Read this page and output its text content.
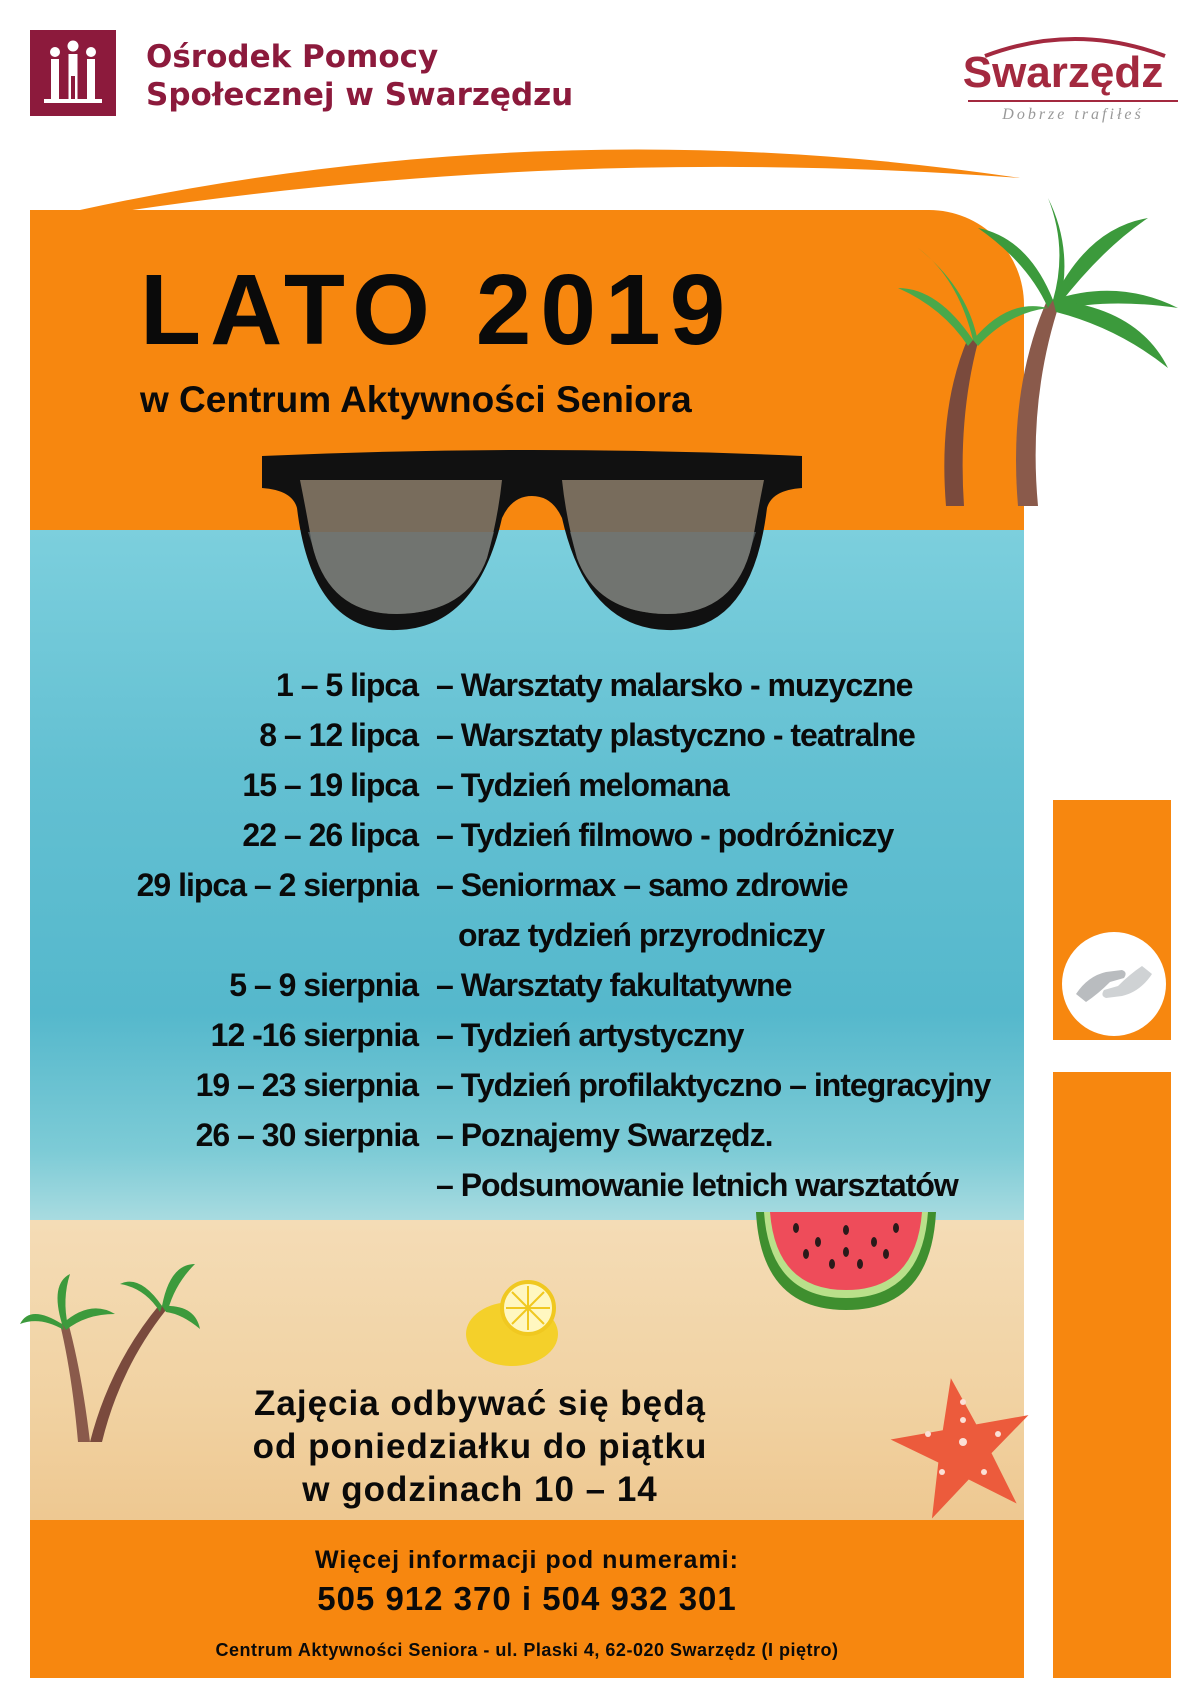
Ośrodek Pomocy
Społecznej w Swarzędzu	Swarzędz
Dobrze trafiłeś
LATO 2019
w Centrum Aktywności Seniora
1 – 5 lipca – Warsztaty malarsko - muzyczne
8 – 12 lipca – Warsztaty plastyczno - teatralne
15 – 19 lipca – Tydzień melomana
22 – 26 lipca – Tydzień filmowo - podróżniczy
29 lipca – 2 sierpnia – Seniormax – samo zdrowie
oraz tydzień przyrodniczy
5 – 9 sierpnia – Warsztaty fakultatywne
12 -16 sierpnia – Tydzień artystyczny
19 – 23 sierpnia – Tydzień profilaktyczno – integracyjny
26 – 30 sierpnia – Poznajemy Swarzędz.
– Podsumowanie letnich warsztatów
Zajęcia odbywać się będą
od poniedziałku do piątku
w godzinach 10 – 14
Więcej informacji pod numerami:
505 912 370 i 504 932 301
Centrum Aktywności Seniora - ul. Plaski 4, 62-020 Swarzędz (I piętro)
